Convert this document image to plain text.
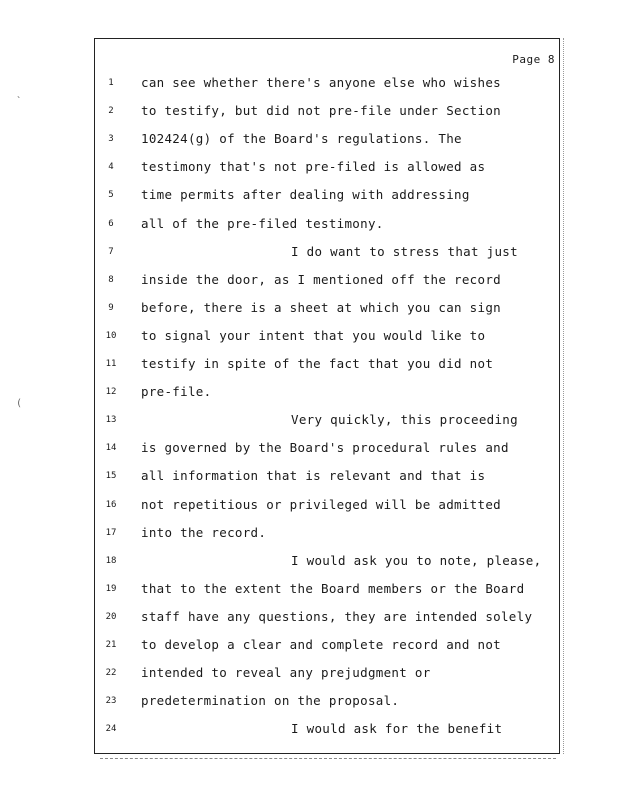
Page 8
1	can see whether there's anyone else who wishes
2	to testify, but did not pre-file under Section
3	102424(g) of the Board's regulations. The
4	testimony that's not pre-filed is allowed as
5	time permits after dealing with addressing
6	all of the pre-filed testimony.
7	I do want to stress that just
8	inside the door, as I mentioned off the record
9	before, there is a sheet at which you can sign
10	to signal your intent that you would like to
11	testify in spite of the fact that you did not
12	pre-file.
13	Very quickly, this proceeding
14	is governed by the Board's procedural rules and
15	all information that is relevant and that is
16	not repetitious or privileged will be admitted
17	into the record.
18	I would ask you to note, please,
19	that to the extent the Board members or the Board
20	staff have any questions, they are intended solely
21	to develop a clear and complete record and not
22	intended to reveal any prejudgment or
23	predetermination on the proposal.
24	I would ask for the benefit
`
(
